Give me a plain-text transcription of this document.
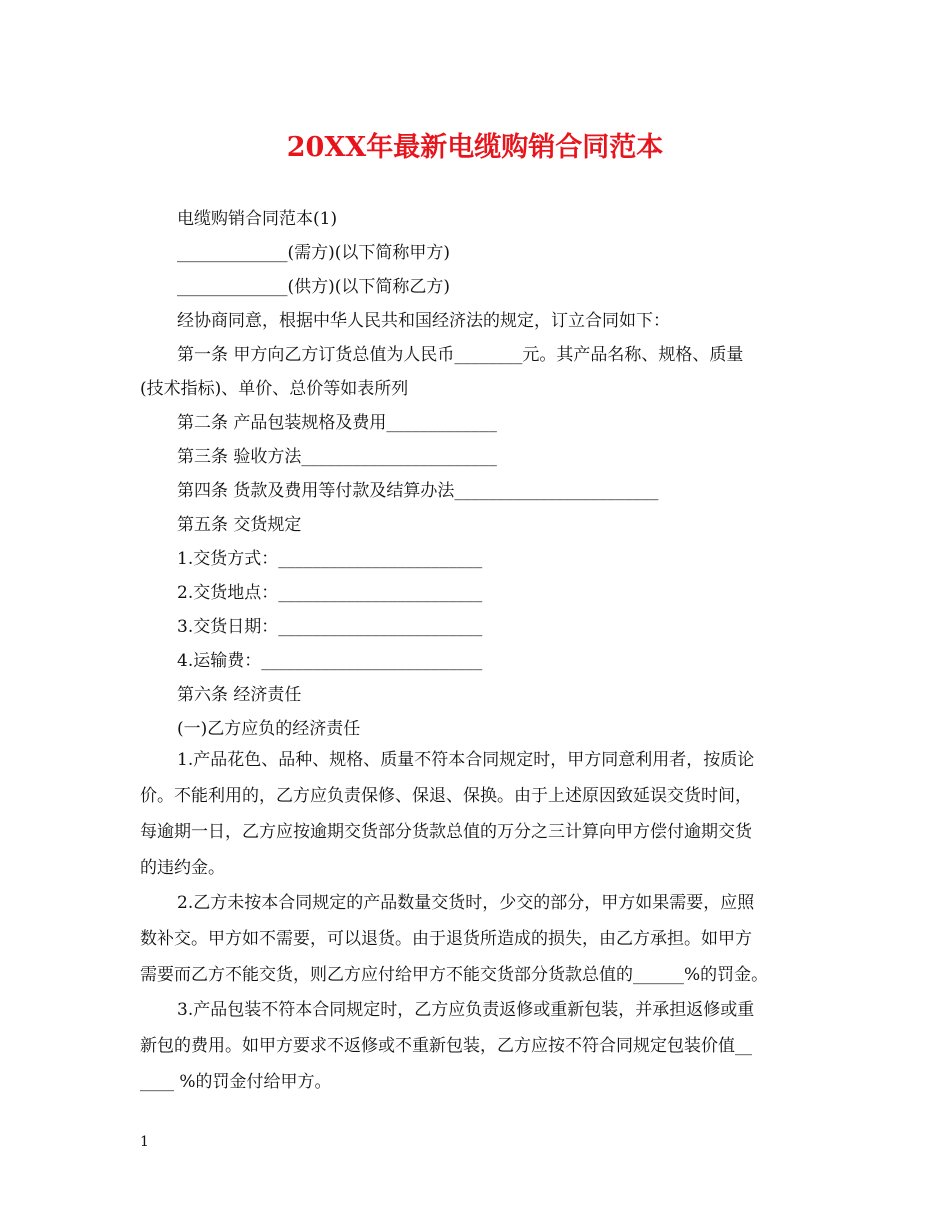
20XX年最新电缆购销合同范本
电缆购销合同范本(1)
_____________(需方)(以下简称甲方)
_____________(供方)(以下简称乙方)
经协商同意，根据中华人民共和国经济法的规定，订立合同如下：
第一条 甲方向乙方订货总值为人民币________元。其产品名称、规格、质量
(技术指标)、单价、总价等如表所列
第二条 产品包装规格及费用_____________
第三条 验收方法_______________________
第四条 货款及费用等付款及结算办法________________________
第五条 交货规定
1.交货方式：________________________
2.交货地点：________________________
3.交货日期：________________________
4.运输费：__________________________
第六条 经济责任
(一)乙方应负的经济责任
1.产品花色、品种、规格、质量不符本合同规定时，甲方同意利用者，按质论
价。不能利用的，乙方应负责保修、保退、保换。由于上述原因致延误交货时间，
每逾期一日，乙方应按逾期交货部分货款总值的万分之三计算向甲方偿付逾期交货
的违约金。
2.乙方未按本合同规定的产品数量交货时，少交的部分，甲方如果需要，应照
数补交。甲方如不需要，可以退货。由于退货所造成的损失，由乙方承担。如甲方
需要而乙方不能交货，则乙方应付给甲方不能交货部分货款总值的______%的罚金。
3.产品包装不符本合同规定时，乙方应负责返修或重新包装，并承担返修或重
新包的费用。如甲方要求不返修或不重新包装，乙方应按不符合同规定包装价值__
____ %的罚金付给甲方。
1
